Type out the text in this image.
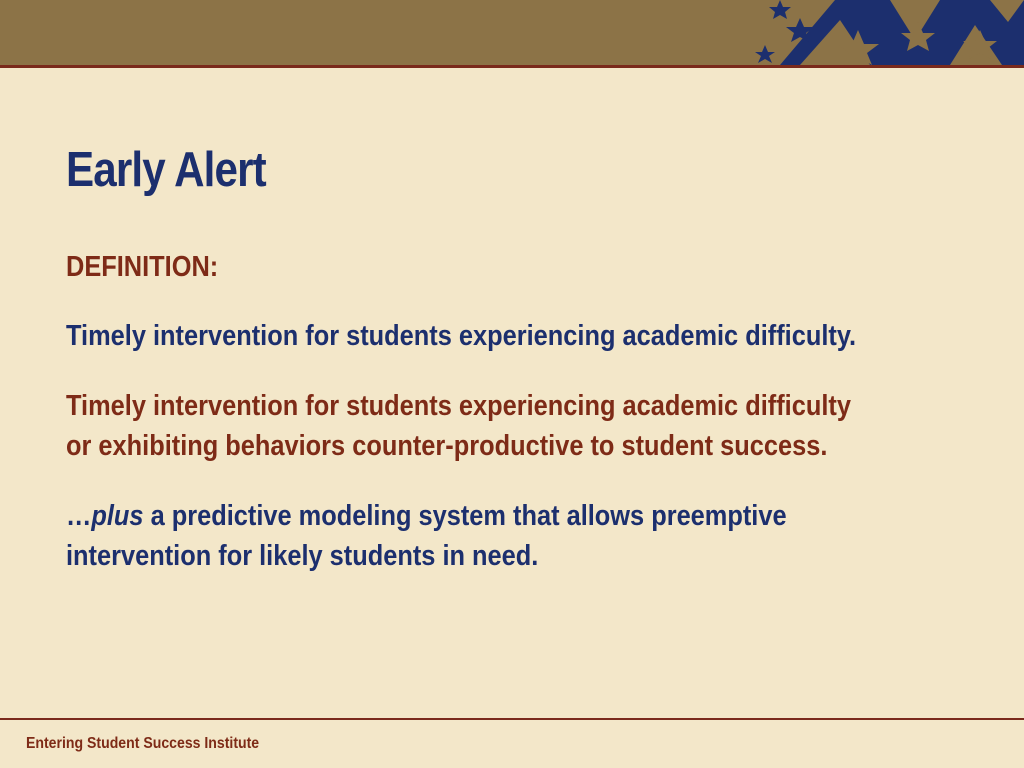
Early Alert

DEFINITION:

Timely intervention for students experiencing academic difficulty.

Timely intervention for students experiencing academic difficulty
or exhibiting behaviors counter-productive to student success.
…plus a predictive modeling system that allows preemptive
intervention for likely students in need.

Entering Student Success Institute
